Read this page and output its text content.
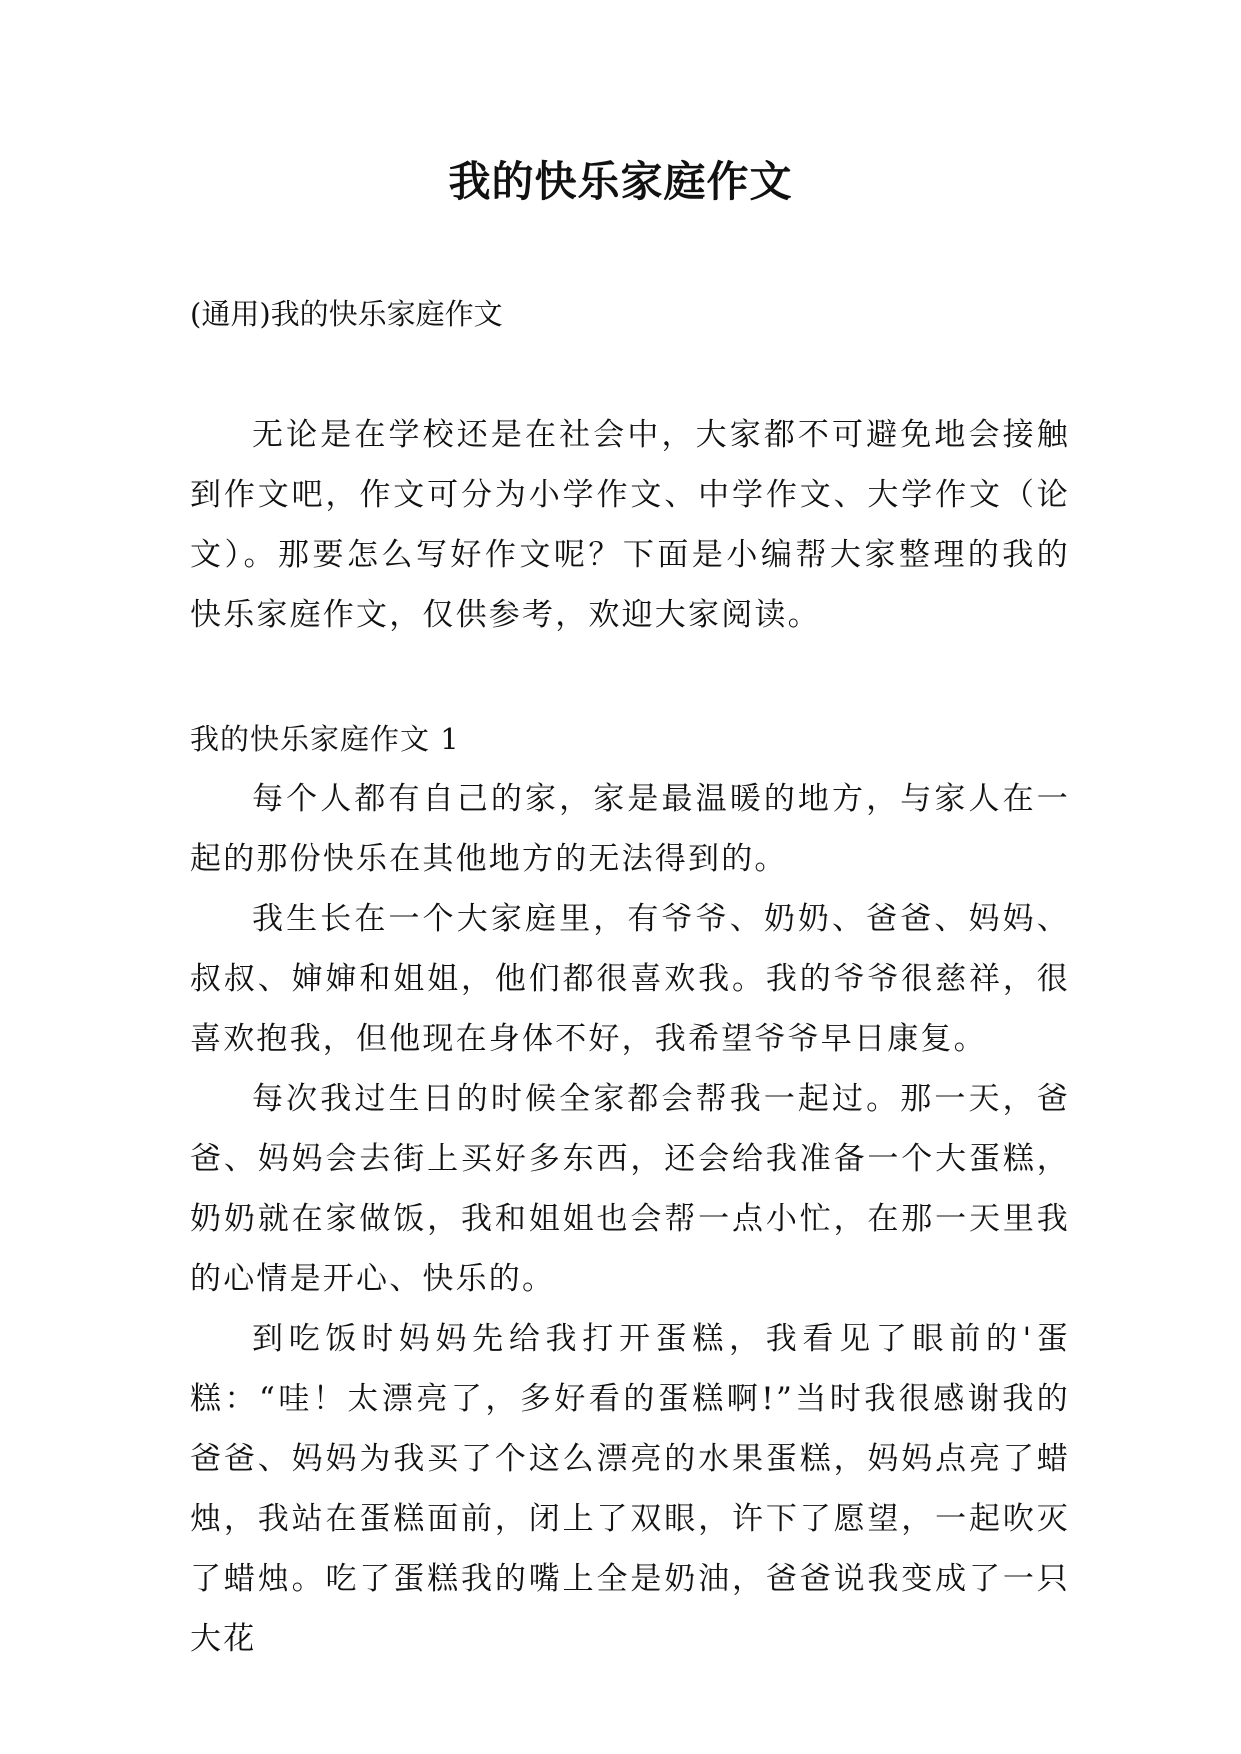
我的快乐家庭作文

(通用)我的快乐家庭作文

无论是在学校还是在社会中，大家都不可避免地会接触到作文吧，作文可分为小学作文、中学作文、大学作文（论文）。那要怎么写好作文呢？下面是小编帮大家整理的我的快乐家庭作文，仅供参考，欢迎大家阅读。

我的快乐家庭作文 1

每个人都有自己的家，家是最温暖的地方，与家人在一起的那份快乐在其他地方的无法得到的。

我生长在一个大家庭里，有爷爷、奶奶、爸爸、妈妈、叔叔、婶婶和姐姐，他们都很喜欢我。我的爷爷很慈祥，很喜欢抱我，但他现在身体不好，我希望爷爷早日康复。

每次我过生日的时候全家都会帮我一起过。那一天，爸爸、妈妈会去街上买好多东西，还会给我准备一个大蛋糕，奶奶就在家做饭，我和姐姐也会帮一点小忙，在那一天里我的心情是开心、快乐的。

到吃饭时妈妈先给我打开蛋糕，我看见了眼前的'蛋糕：“哇！太漂亮了，多好看的蛋糕啊!”当时我很感谢我的爸爸、妈妈为我买了个这么漂亮的水果蛋糕，妈妈点亮了蜡烛，我站在蛋糕面前，闭上了双眼，许下了愿望，一起吹灭了蜡烛。吃了蛋糕我的嘴上全是奶油，爸爸说我变成了一只大花
